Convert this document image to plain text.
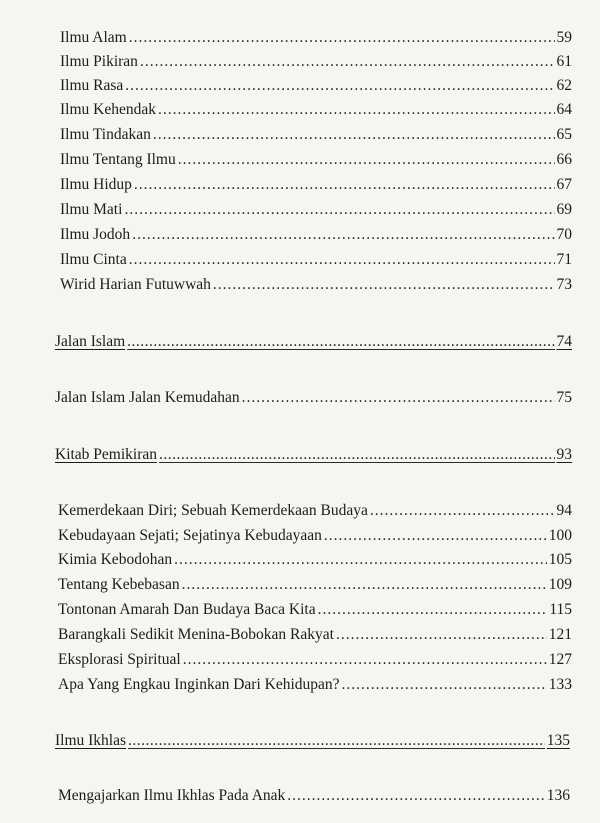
Ilmu Alam .....	59
Ilmu Pikiran .....	61
Ilmu Rasa .....	62
Ilmu Kehendak .....	64
Ilmu Tindakan .....	65
Ilmu Tentang Ilmu .....	66
Ilmu Hidup .....	67
Ilmu Mati .....	69
Ilmu Jodoh .....	70
Ilmu Cinta .....	71
Wirid Harian Futuwwah .....	73
Jalan Islam .....	74
Jalan Islam Jalan Kemudahan .....	75
Kitab Pemikiran .....	93
Kemerdekaan Diri; Sebuah Kemerdekaan Budaya .....	94
Kebudayaan Sejati; Sejatinya Kebudayaan .....	100
Kimia Kebodohan .....	105
Tentang Kebebasan .....	109
Tontonan Amarah Dan Budaya Baca Kita .....	115
Barangkali Sedikit Menina-Bobokan Rakyat .....	121
Eksplorasi Spiritual .....	127
Apa Yang Engkau Inginkan Dari Kehidupan? .....	133
Ilmu Ikhlas .....	135
Mengajarkan Ilmu Ikhlas Pada Anak .....	136
